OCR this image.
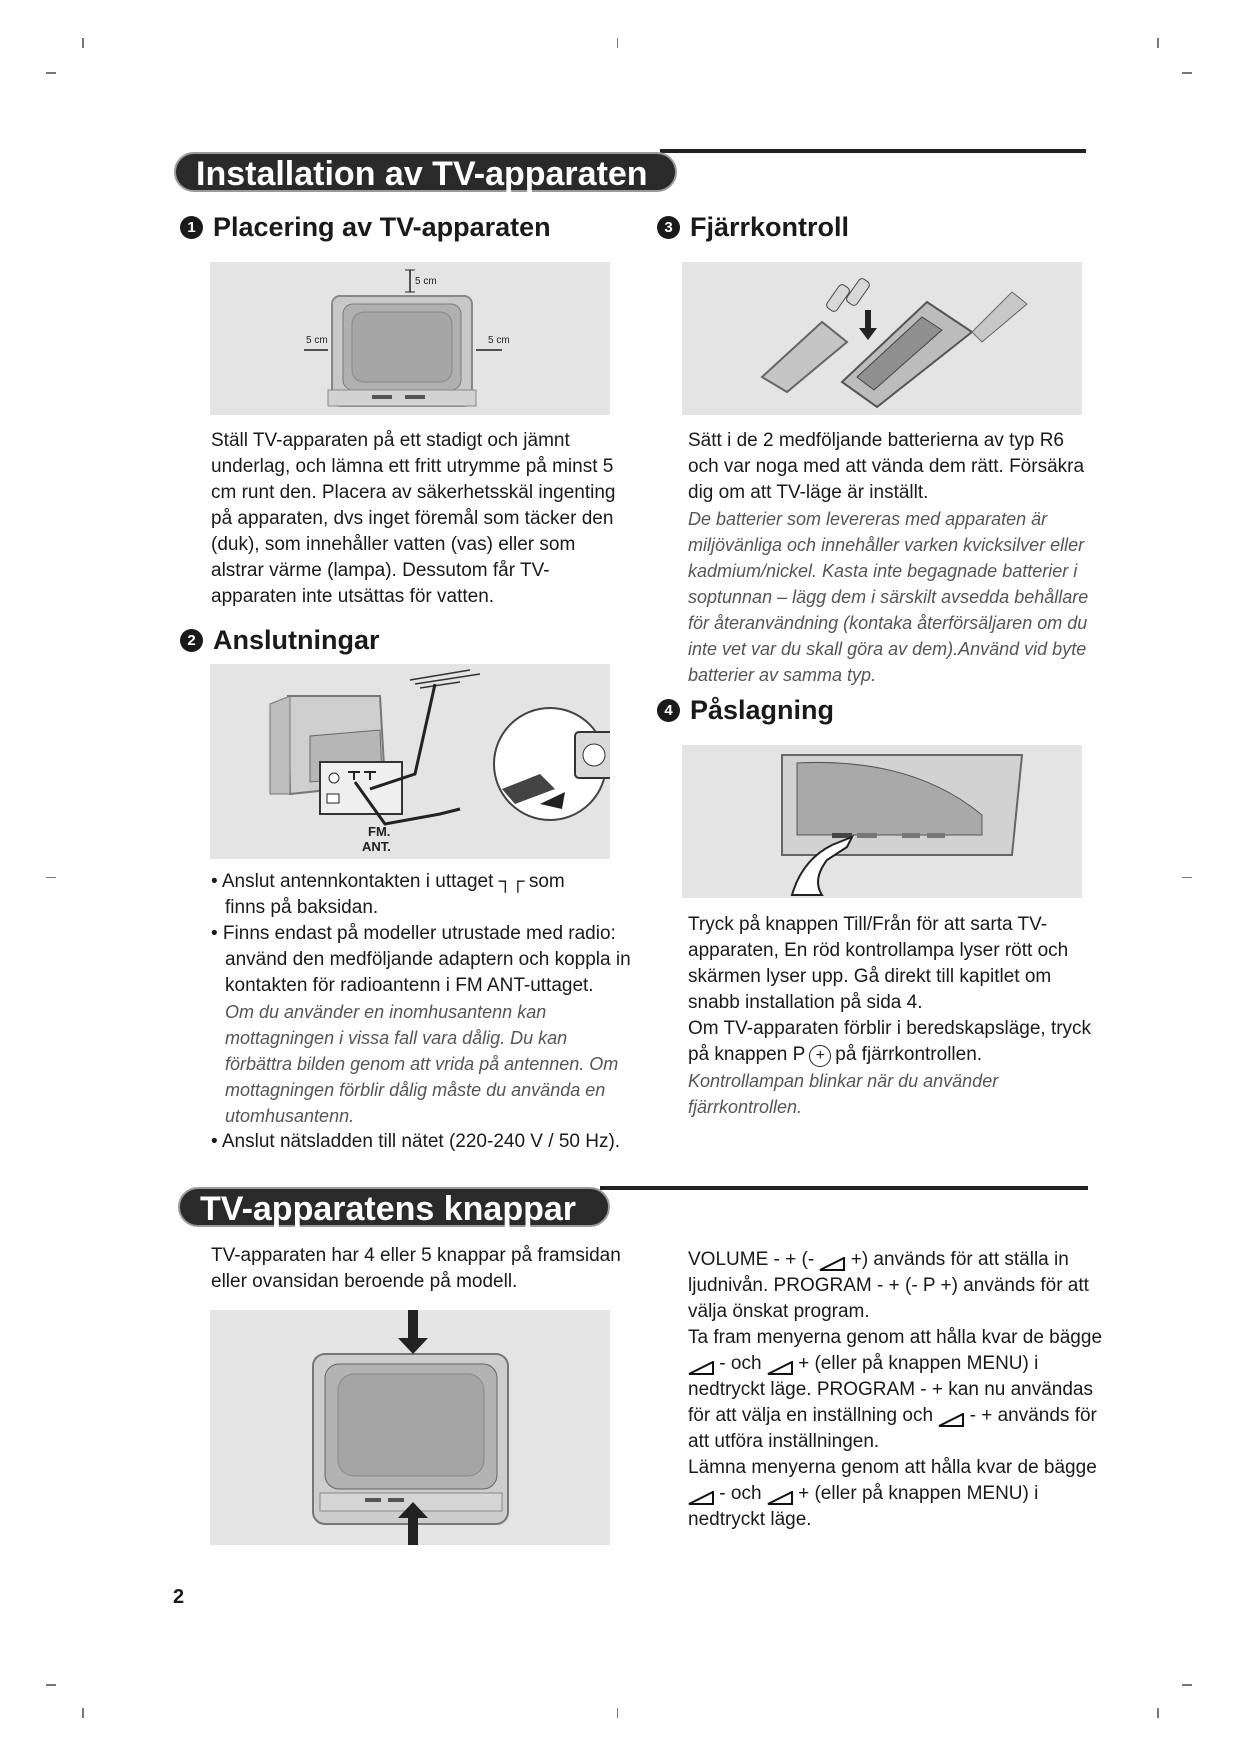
Installation av TV-apparaten
1 Placering av TV-apparaten
5 cm
5 cm	5 cm

Ställ TV-apparaten på ett stadigt och jämnt underlag, och lämna ett fritt utrymme på minst 5 cm runt den. Placera av säkerhetsskäl ingenting på apparaten, dvs inget föremål som täcker den (duk), som innehåller vatten (vas) eller som alstrar värme (lampa). Dessutom får TV-apparaten inte utsättas för vatten.

2 Anslutningar
FM. ANT.

• Anslut antennkontakten i uttaget ┐┌ som
finns på baksidan.

• Finns endast på modeller utrustade med radio: använd den medföljande adaptern och koppla in kontakten för radioantenn i FM ANT-uttaget.

Om du använder en inomhusantenn kan mottagningen i vissa fall vara dålig. Du kan förbättra bilden genom att vrida på antennen. Om mottagningen förblir dålig måste du använda en utomhusantenn.

• Anslut nätsladden till nätet (220-240 V / 50 Hz).

3 Fjärrkontroll

Sätt i de 2 medföljande batterierna av typ R6 och var noga med att vända dem rätt. Försäkra dig om att TV-läge är inställt.

De batterier som levereras med apparaten är miljövänliga och innehåller varken kvicksilver eller kadmium/nickel. Kasta inte begagnade batterier i soptunnan – lägg dem i särskilt avsedda behållare för återanvändning (kontaka återförsäljaren om du inte vet var du skall göra av dem).Använd vid byte batterier av samma typ.

4 Påslagning

Tryck på knappen Till/Från för att sarta TV-apparaten, En röd kontrollampa lyser rött och skärmen lyser upp. Gå direkt till kapitlet om snabb installation på sida 4.

Om TV-apparaten förblir i beredskapsläge, tryck på knappen P + på fjärrkontrollen.

Kontrollampan blinkar när du använder fjärrkontrollen.

TV-apparatens knappar

TV-apparaten har 4 eller 5 knappar på framsidan eller ovansidan beroende på modell.

VOLUME - + (- +) används för att ställa in ljudnivån. PROGRAM - + (- P +) används för att välja önskat program.

Ta fram menyerna genom att hålla kvar de bägge  - och + (eller på knappen MENU) i nedtryckt läge. PROGRAM - + kan nu användas för att välja en inställning och - + används för att utföra inställningen.

Lämna menyerna genom att hålla kvar de bägge  - och + (eller på knappen MENU) i nedtryckt läge.

2
